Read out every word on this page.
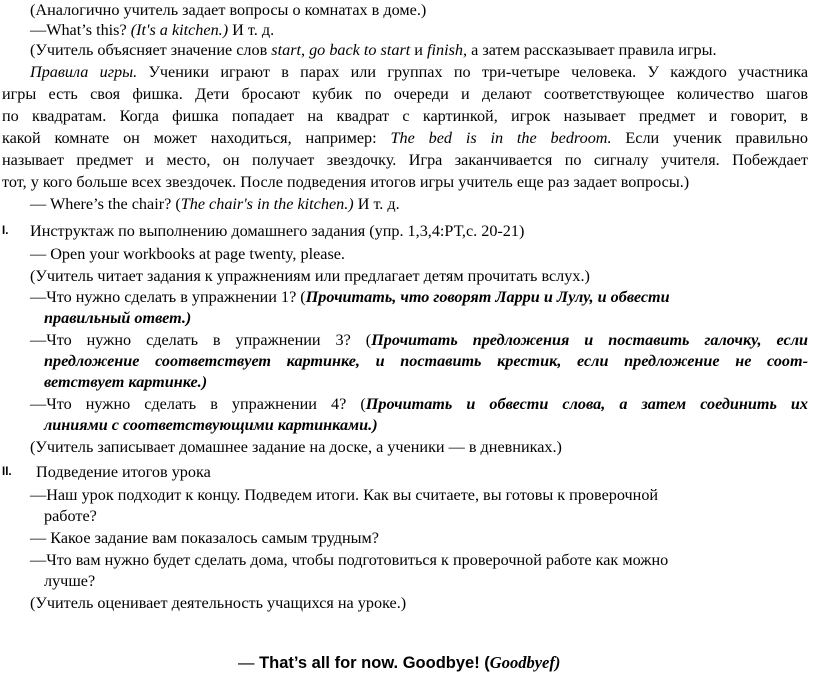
(Аналогично учитель задает вопросы о комнатах в доме.)
—What’s this? (It's a kitchen.) И т. д.
(Учитель объясняет значение слов start, go back to start и finish, а затем рассказывает правила игры.
Правила игры. Ученики играют в парах или группах по три-четыре человека. У каждого участника
игры есть своя фишка. Дети бросают кубик по очереди и делают соответствующее количество шагов
по квадратам. Когда фишка попадает на квадрат с картинкой, игрок называет предмет и говорит, в
какой комнате он может находиться, например: The bed is in the bedroom. Если ученик правильно
называет предмет и место, он получает звездочку. Игра заканчивается по сигналу учителя. Побеждает
тот, у кого больше всех звездочек. После подведения итогов игры учитель еще раз задает вопросы.)
— Where’s the chair? (The chair's in the kitchen.) И т. д.
I. Инструктаж по выполнению домашнего задания (упр. 1,3,4:РТ,с. 20-21)
— Open your workbooks at page twenty, please.
(Учитель читает задания к упражнениям или предлагает детям прочитать вслух.)
—Что нужно сделать в упражнении 1? (Прочитать, что говорят Ларри и Лулу, и обвести
правильный ответ.)
—Что нужно сделать в упражнении 3? (Прочитать предложения и поставить галочку, если
предложение соответствует картинке, и поставить крестик, если предложение не соот-
ветствует картинке.)
—Что нужно сделать в упражнении 4? (Прочитать и обвести слова, а затем соединить их
линиями с соответствующими картинками.)
(Учитель записывает домашнее задание на доске, а ученики — в дневниках.)
II. Подведение итогов урока
—Наш урок подходит к концу. Подведем итоги. Как вы считаете, вы готовы к проверочной
работе?
— Какое задание вам показалось самым трудным?
—Что вам нужно будет сделать дома, чтобы подготовиться к проверочной работе как можно
лучше?
(Учитель оценивает деятельность учащихся на уроке.)
— That’s all for now. Goodbye! (Goodbyef)
